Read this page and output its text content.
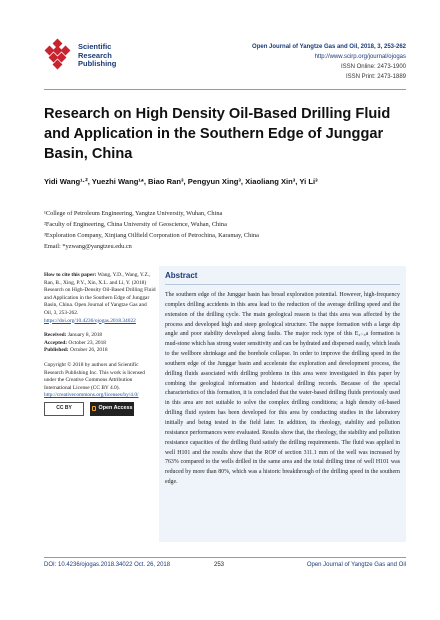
Scientific
Research
Publishing
Open Journal of Yangtze Gas and Oil, 2018, 3, 253-262
http://www.scirp.org/journal/ojogas
ISSN Online: 2473-1900
ISSN Print: 2473-1889
Research on High Density Oil-Based Drilling Fluid and Application in the Southern Edge of Junggar Basin, China
Yidi Wang¹·², Yuezhi Wang¹*, Biao Ran³, Pengyun Xing³, Xiaoliang Xin³, Yi Li³
¹College of Petroleum Engineering, Yangtze University, Wuhan, China
²Faculty of Engineering, China University of Geoscience, Wuhan, China
³Exploration Company, Xinjiang Oilfield Corporation of Petrochina, Karamay, China
Email: *yzwang@yangtzeu.edu.cn
How to cite this paper: Wang, Y.D., Wang, Y.Z., Ran, B., Xing, P.Y., Xin, X.L. and Li, Y. (2018) Research on High-Density Oil-Based Drilling Fluid and Application in the Southern Edge of Junggar Basin, China. Open Journal of Yangtze Gas and Oil, 3, 253-262.
https://doi.org/10.4236/ojogas.2018.34022
Received: January 8, 2018
Accepted: October 23, 2018
Published: October 26, 2018
Copyright © 2018 by authors and Scientific Research Publishing Inc. This work is licensed under the Creative Commons Attribution International License (CC BY 4.0).
http://creativecommons.org/licenses/by/4.0/
CC BY	Open Access
Abstract
The southern edge of the Junggar basin has broad exploration potential. However, high-frequency complex drilling accidents in this area lead to the reduction of the average drilling speed and the extension of the drilling cycle. The main geological reason is that this area was affected by the process and developed high and steep geological structure. The nappe formation with a large dip angle and poor stability developed along faults. The major rock type of this E₂₋₃a formation is mud-stone which has strong water sensitivity and can be hydrated and dispersed easily, which leads to the wellbore shrinkage and the borehole collapse. In order to improve the drilling speed in the southern edge of the Junggar basin and accelerate the exploration and development process, the drilling fluids associated with drilling problems in this area were investigated in this paper by combing the geological information and historical drilling records. Because of the special characteristics of this formation, it is concluded that the water-based drilling fluids previously used in this area are not suitable to solve the complex drilling conditions; a high density oil-based drilling fluid system has been developed for this area by conducting studies in the laboratory initially and being tested in the field later. In addition, its rheology, stability and pollution resistance performances were evaluated. Results show that, the rheology, the stability and pollution resistance capacities of the drilling fluid satisfy the drilling requirements. The fluid was applied in well H101 and the results show that the ROP of section 311.1 mm of the well was increased by 763% compared to the wells drilled in the same area and the total drilling time of well H101 was reduced by more than 80%, which was a historic breakthrough of the drilling speed in the southern edge.
DOI: 10.4236/ojogas.2018.34022 Oct. 26, 2018	253	Open Journal of Yangtze Gas and Oil
